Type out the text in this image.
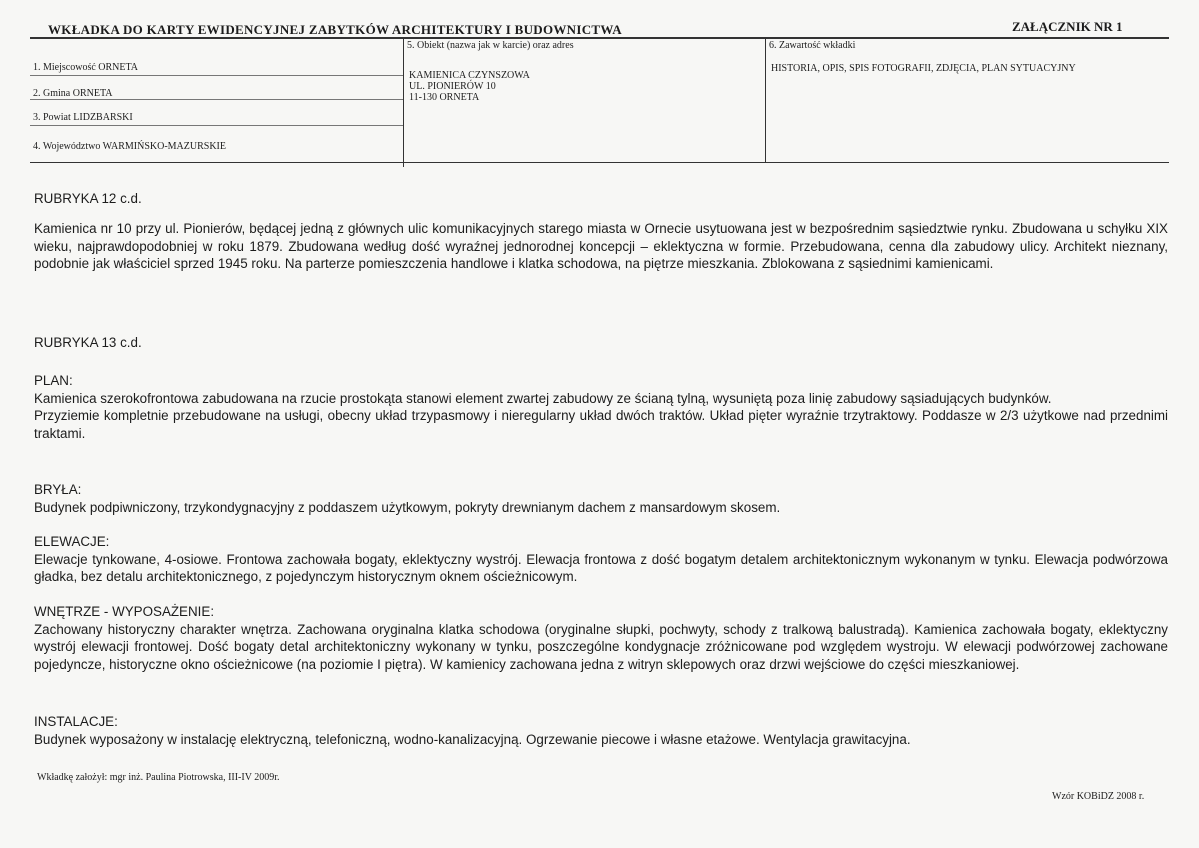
WKŁADKA DO KARTY EWIDENCYJNEJ ZABYTKÓW ARCHITEKTURY I BUDOWNICTWA	ZAŁĄCZNIK NR 1
1. Miejscowość ORNETA
2. Gmina ORNETA
3. Powiat LIDZBARSKI
4. Województwo WARMIŃSKO-MAZURSKIE
5. Obiekt (nazwa jak w karcie) oraz adres
KAMIENICA CZYNSZOWA
UL. PIONIERÓW 10
11-130 ORNETA
6. Zawartość wkładki
HISTORIA, OPIS, SPIS FOTOGRAFII, ZDJĘCIA, PLAN SYTUACYJNY
RUBRYKA 12 c.d.
Kamienica nr 10 przy ul. Pionierów, będącej jedną z głównych ulic komunikacyjnych starego miasta w Ornecie usytuowana jest w bezpośrednim sąsiedztwie rynku. Zbudowana u schyłku XIX wieku, najprawdopodobniej w roku 1879. Zbudowana według dość wyraźnej jednorodnej koncepcji – eklektyczna w formie. Przebudowana, cenna dla zabudowy ulicy. Architekt nieznany, podobnie jak właściciel sprzed 1945 roku. Na parterze pomieszczenia handlowe i klatka schodowa, na piętrze mieszkania. Zblokowana z sąsiednimi kamienicami.
RUBRYKA 13 c.d.
PLAN:
Kamienica szerokofrontowa zabudowana na rzucie prostokąta stanowi element zwartej zabudowy ze ścianą tylną, wysuniętą poza linię zabudowy sąsiadujących budynków.
Przyziemie kompletnie przebudowane na usługi, obecny układ trzypasmowy i nieregularny układ dwóch traktów. Układ pięter wyraźnie trzytraktowy. Poddasze w 2/3 użytkowe nad przednimi traktami.
BRYŁA:
Budynek podpiwniczony, trzykondygnacyjny z poddaszem użytkowym, pokryty drewnianym dachem z mansardowym skosem.
ELEWACJE:
Elewacje tynkowane, 4-osiowe. Frontowa zachowała bogaty, eklektyczny wystrój. Elewacja frontowa z dość bogatym detalem architektonicznym wykonanym w tynku. Elewacja podwórzowa gładka, bez detalu architektonicznego, z pojedynczym historycznym oknem ościeżnicowym.
WNĘTRZE - WYPOSAŻENIE:
Zachowany historyczny charakter wnętrza. Zachowana oryginalna klatka schodowa (oryginalne słupki, pochwyty, schody z tralkową balustradą). Kamienica zachowała bogaty, eklektyczny wystrój elewacji frontowej. Dość bogaty detal architektoniczny wykonany w tynku, poszczególne kondygnacje zróżnicowane pod względem wystroju. W elewacji podwórzowej zachowane pojedyncze, historyczne okno ościeżnicowe (na poziomie I piętra). W kamienicy zachowana jedna z witryn sklepowych oraz drzwi wejściowe do części mieszkaniowej.
INSTALACJE:
Budynek wyposażony w instalację elektryczną, telefoniczną, wodno-kanalizacyjną. Ogrzewanie piecowe i własne etażowe. Wentylacja grawitacyjna.
Wkładkę założył: mgr inż. Paulina Piotrowska, III-IV 2009r.
Wzór KOBiDZ 2008 r.
